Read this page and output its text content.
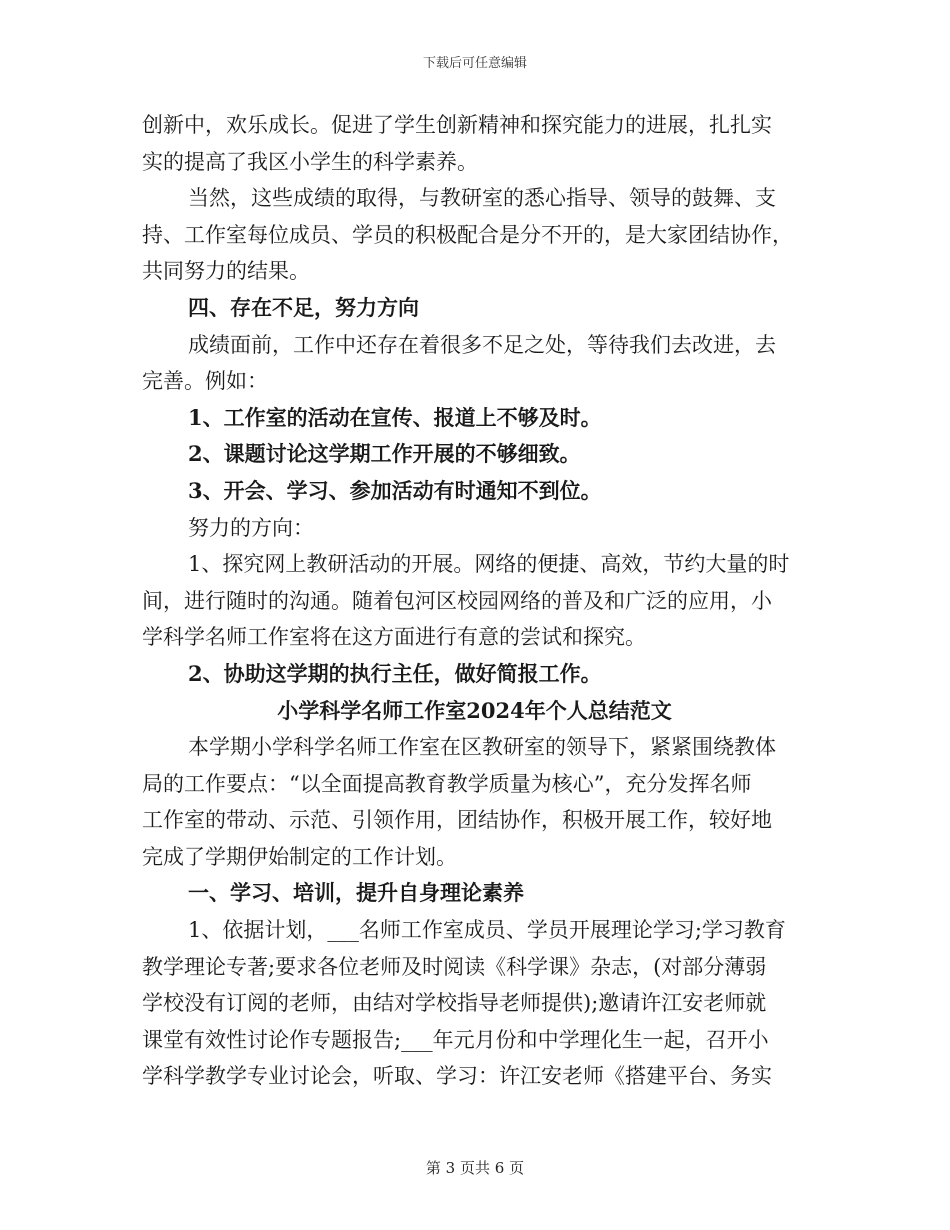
下载后可任意编辑
创新中，欢乐成长。促进了学生创新精神和探究能力的进展，扎扎实
实的提高了我区小学生的科学素养。
当然，这些成绩的取得，与教研室的悉心指导、领导的鼓舞、支
持、工作室每位成员、学员的积极配合是分不开的，是大家团结协作，
共同努力的结果。
四、存在不足，努力方向
成绩面前，工作中还存在着很多不足之处，等待我们去改进，去
完善。例如：
1、工作室的活动在宣传、报道上不够及时。
2、课题讨论这学期工作开展的不够细致。
3、开会、学习、参加活动有时通知不到位。
努力的方向：
1、探究网上教研活动的开展。网络的便捷、高效，节约大量的时
间，进行随时的沟通。随着包河区校园网络的普及和广泛的应用，小
学科学名师工作室将在这方面进行有意的尝试和探究。
2、协助这学期的执行主任，做好简报工作。
小学科学名师工作室2024年个人总结范文
本学期小学科学名师工作室在区教研室的领导下，紧紧围绕教体
局的工作要点：“以全面提高教育教学质量为核心”，充分发挥名师
工作室的带动、示范、引领作用，团结协作，积极开展工作，较好地
完成了学期伊始制定的工作计划。
一、学习、培训，提升自身理论素养
1、依据计划，___名师工作室成员、学员开展理论学习;学习教育
教学理论专著;要求各位老师及时阅读《科学课》杂志，(对部分薄弱
学校没有订阅的老师，由结对学校指导老师提供);邀请许江安老师就
课堂有效性讨论作专题报告;___年元月份和中学理化生一起，召开小
学科学教学专业讨论会，听取、学习：许江安老师《搭建平台、务实
第 3 页共 6 页
